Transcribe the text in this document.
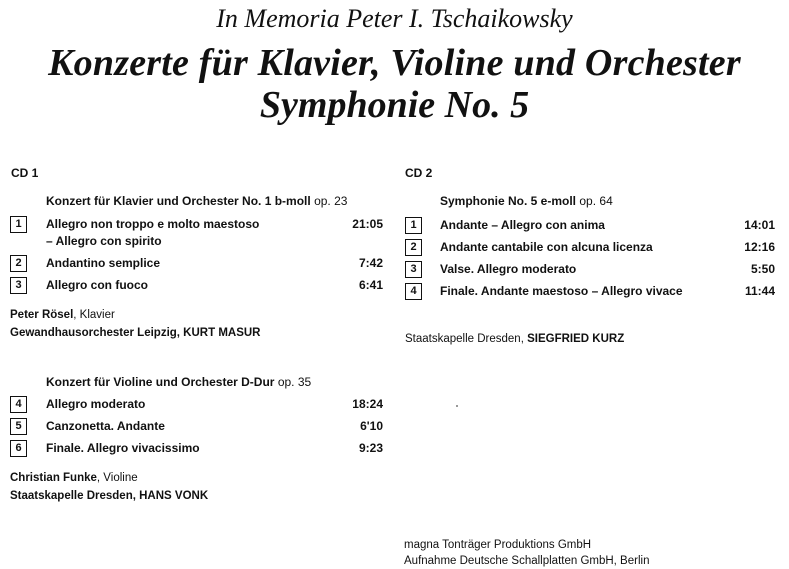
In Memoria Peter I. Tschaikowsky
Konzerte für Klavier, Violine und Orchester
Symphonie No. 5
CD 1
Konzert für Klavier und Orchester No. 1 b-moll op. 23
1	Allegro non troppo e molto maestoso
– Allegro con spirito
21:05
2	Andantino semplice	7:42
3	Allegro con fuoco	6:41
Peter Rösel, Klavier
Gewandhausorchester Leipzig, KURT MASUR
Konzert für Violine und Orchester D-Dur op. 35
4	Allegro moderato	18:24
5	Canzonetta. Andante	6'10
6	Finale. Allegro vivacissimo	9:23
Christian Funke, Violine
Staatskapelle Dresden, HANS VONK
CD 2
Symphonie No. 5 e-moll op. 64
1	Andante – Allegro con anima	14:01
2	Andante cantabile con alcuna licenza	12:16
3	Valse. Allegro moderato	5:50
4	Finale. Andante maestoso – Allegro vivace	11:44
Staatskapelle Dresden, SIEGFRIED KURZ
magna Tonträger Produktions GmbH
Aufnahme Deutsche Schallplatten GmbH, Berlin
